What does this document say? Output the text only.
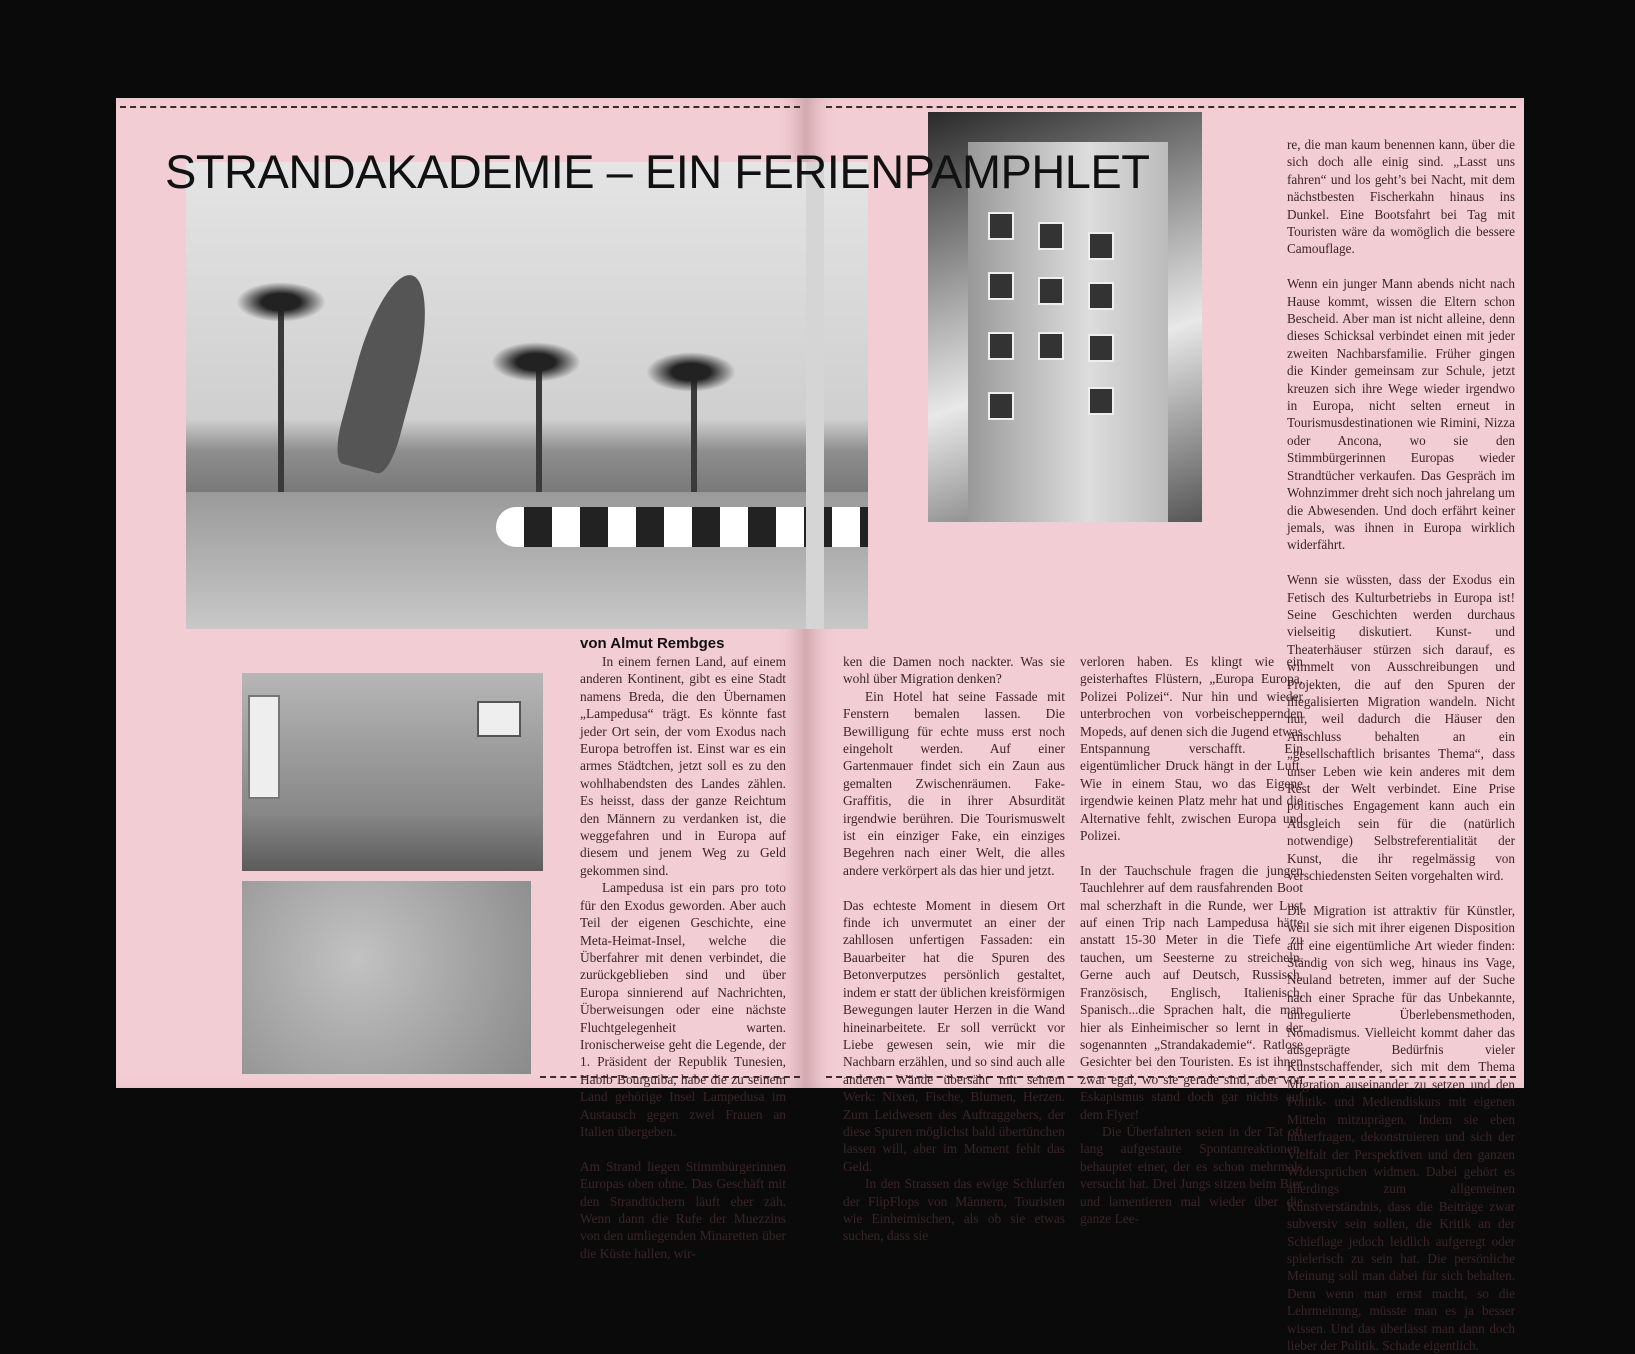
STRANDAKADEMIE – EIN FERIENPAMPHLET
von Almut Rembges

In einem fernen Land, auf einem anderen Kontinent, gibt es eine Stadt namens Breda, die den Übernamen „Lampedusa“ trägt. Es könnte fast jeder Ort sein, der vom Exodus nach Europa betroffen ist. Einst war es ein armes Städtchen, jetzt soll es zu den wohlhabendsten des Landes zählen. Es heisst, dass der ganze Reichtum den Männern zu verdanken ist, die weggefahren und in Europa auf diesem und jenem Weg zu Geld gekommen sind.

Lampedusa ist ein pars pro toto für den Exodus geworden. Aber auch Teil der eigenen Geschichte, eine Meta-Heimat-Insel, welche die Überfahrer mit denen verbindet, die zurückgeblieben sind und über Europa sinnierend auf Nachrichten, Überweisungen oder eine nächste Fluchtgelegenheit warten. Ironischerweise geht die Legende, der 1. Präsident der Republik Tunesien, Habib Bourguiba, habe die zu seinem Land gehörige Insel Lampedusa im Austausch gegen zwei Frauen an Italien übergeben.

Am Strand liegen Stimmbürgerinnen Europas oben ohne. Das Geschäft mit den Strandtüchern läuft eher zäh. Wenn dann die Rufe der Muezzins von den umliegenden Minaretten über die Küste hallen, wir-

ken die Damen noch nackter. Was sie wohl über Migration denken?

Ein Hotel hat seine Fassade mit Fenstern bemalen lassen. Die Bewilligung für echte muss erst noch eingeholt werden. Auf einer Gartenmauer findet sich ein Zaun aus gemalten Zwischenräumen. Fake-Graffitis, die in ihrer Absurdität irgendwie berühren. Die Tourismuswelt ist ein einziger Fake, ein einziges Begehren nach einer Welt, die alles andere verkörpert als das hier und jetzt.

Das echteste Moment in diesem Ort finde ich unvermutet an einer der zahllosen unfertigen Fassaden: ein Bauarbeiter hat die Spuren des Betonverputzes persönlich gestaltet, indem er statt der üblichen kreisförmigen Bewegungen lauter Herzen in die Wand hineinarbeitete. Er soll verrückt vor Liebe gewesen sein, wie mir die Nachbarn erzählen, und so sind auch alle anderen Wände übersäht mit seinem Werk: Nixen, Fische, Blumen, Herzen. Zum Leidwesen des Auftraggebers, der diese Spuren möglichst bald übertünchen lassen will, aber im Moment fehlt das Geld.

In den Strassen das ewige Schlurfen der FlipFlops von Männern, Touristen wie Einheimischen, als ob sie etwas suchen, dass sie

verloren haben. Es klingt wie ein geisterhaftes Flüstern, „Europa Europa, Polizei Polizei“. Nur hin und wieder unterbrochen von vorbeischeppernden Mopeds, auf denen sich die Jugend etwas Entspannung verschafft. Ein eigentümlicher Druck hängt in der Luft. Wie in einem Stau, wo das Eigene irgendwie keinen Platz mehr hat und die Alternative fehlt, zwischen Europa und Polizei.

In der Tauchschule fragen die jungen Tauchlehrer auf dem rausfahrenden Boot mal scherzhaft in die Runde, wer Lust auf einen Trip nach Lampedusa hätte anstatt 15-30 Meter in die Tiefe zu tauchen, um Seesterne zu streicheln. Gerne auch auf Deutsch, Russisch, Französisch, Englisch, Italienisch, Spanisch...die Sprachen halt, die man hier als Einheimischer so lernt in der sogenannten „Strandakademie“. Ratlose Gesichter bei den Touristen. Es ist ihnen zwar egal, wo sie gerade sind, aber von Eskapismus stand doch gar nichts auf dem Flyer!

Die Überfahrten seien in der Tat oft lang aufgestaute Spontanreaktionen, behauptet einer, der es schon mehrmals versucht hat. Drei Jungs sitzen beim Bier und lamentieren mal wieder über die ganze Lee-

re, die man kaum benennen kann, über die sich doch alle einig sind. „Lasst uns fahren“ und los geht’s bei Nacht, mit dem nächstbesten Fischerkahn hinaus ins Dunkel. Eine Bootsfahrt bei Tag mit Touristen wäre da womöglich die bessere Camouflage.

Wenn ein junger Mann abends nicht nach Hause kommt, wissen die Eltern schon Bescheid. Aber man ist nicht alleine, denn dieses Schicksal verbindet einen mit jeder zweiten Nachbarsfamilie. Früher gingen die Kinder gemeinsam zur Schule, jetzt kreuzen sich ihre Wege wieder irgendwo in Europa, nicht selten erneut in Tourismusdestinationen wie Rimini, Nizza oder Ancona, wo sie den Stimmbürgerinnen Europas wieder Strandtücher verkaufen. Das Gespräch im Wohnzimmer dreht sich noch jahrelang um die Abwesenden. Und doch erfährt keiner jemals, was ihnen in Europa wirklich widerfährt.

Wenn sie wüssten, dass der Exodus ein Fetisch des Kulturbetriebs in Europa ist! Seine Geschichten werden durchaus vielseitig diskutiert. Kunst- und Theaterhäuser stürzen sich darauf, es wimmelt von Ausschreibungen und Projekten, die auf den Spuren der illegalisierten Migration wandeln. Nicht nur, weil dadurch die Häuser den Anschluss behalten an ein „gesellschaftlich brisantes Thema“, dass unser Leben wie kein anderes mit dem Rest der Welt verbindet. Eine Prise politisches Engagement kann auch ein Ausgleich sein für die (natürlich notwendige) Selbstreferentialität der Kunst, die ihr regelmässig von verschiedensten Seiten vorgehalten wird.

Die Migration ist attraktiv für Künstler, weil sie sich mit ihrer eigenen Disposition auf eine eigentümliche Art wieder finden: Ständig von sich weg, hinaus ins Vage, Neuland betreten, immer auf der Suche nach einer Sprache für das Unbekannte, unregulierte Überlebensmethoden, Nomadismus. Vielleicht kommt daher das ausgeprägte Bedürfnis vieler Kunstschaffender, sich mit dem Thema Migration auseinander zu setzen und den Politik- und Mediendiskurs mit eigenen Mitteln mitzuprägen. Indem sie eben hinterfragen, dekonstruieren und sich der Vielfalt der Perspektiven und den ganzen Widersprüchen widmen. Dabei gehört es allerdings zum allgemeinen Kunstverständnis, dass die Beiträge zwar subversiv sein sollen, die Kritik an der Schieflage jedoch leidlich aufgeregt oder spielerisch zu sein hat. Die persönliche Meinung soll man dabei für sich behalten. Denn wenn man ernst macht, so die Lehrmeinung, müsste man es ja besser wissen. Und das überlässt man dann doch lieber der Politik. Schade eigentlich.
